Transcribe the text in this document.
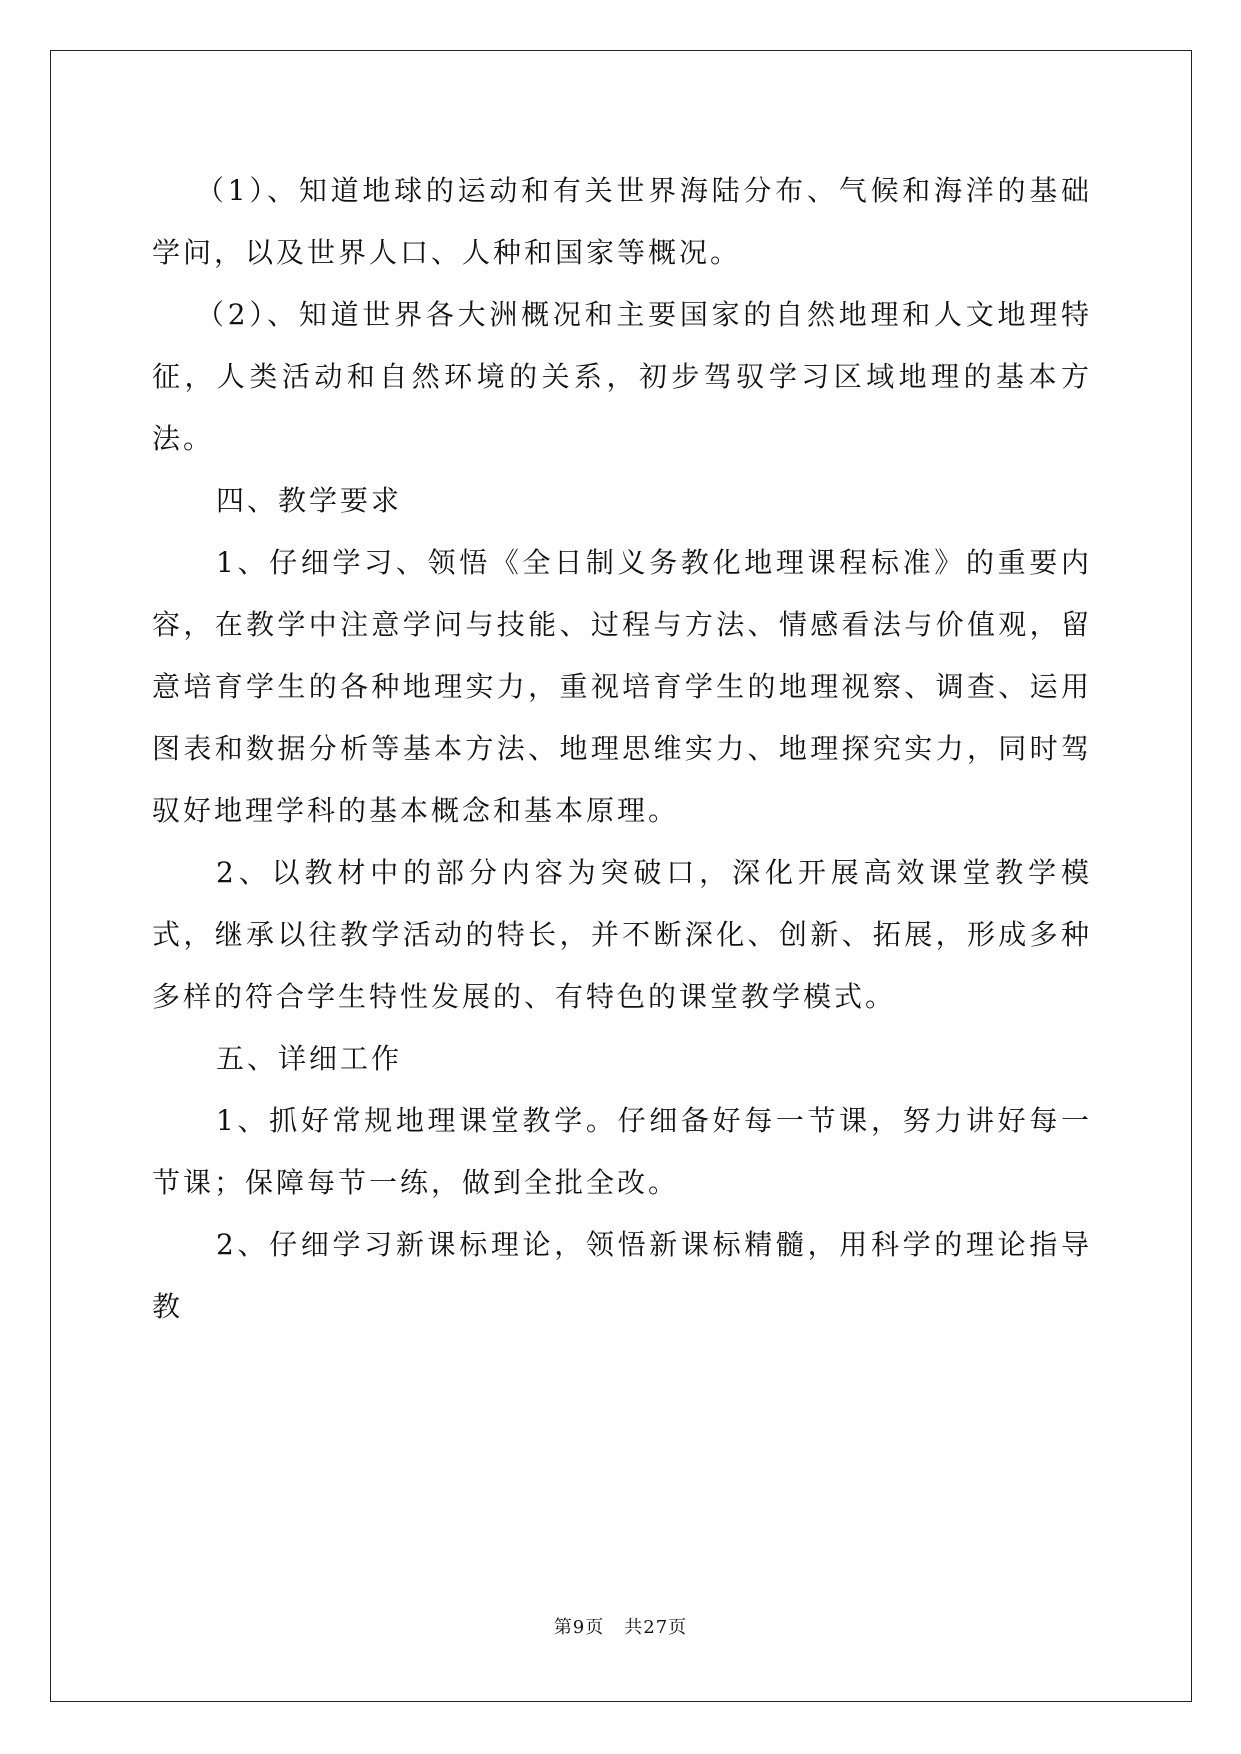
（1）、知道地球的运动和有关世界海陆分布、气候和海洋的基础学问，以及世界人口、人种和国家等概况。

（2）、知道世界各大洲概况和主要国家的自然地理和人文地理特征，人类活动和自然环境的关系，初步驾驭学习区域地理的基本方法。

四、教学要求

1、仔细学习、领悟《全日制义务教化地理课程标准》的重要内容，在教学中注意学问与技能、过程与方法、情感看法与价值观，留意培育学生的各种地理实力，重视培育学生的地理视察、调查、运用图表和数据分析等基本方法、地理思维实力、地理探究实力，同时驾驭好地理学科的基本概念和基本原理。

2、以教材中的部分内容为突破口，深化开展高效课堂教学模式，继承以往教学活动的特长，并不断深化、创新、拓展，形成多种多样的符合学生特性发展的、有特色的课堂教学模式。

五、详细工作

1、抓好常规地理课堂教学。仔细备好每一节课，努力讲好每一节课；保障每节一练，做到全批全改。

2、仔细学习新课标理论，领悟新课标精髓，用科学的理论指导教

第9页 共27页
